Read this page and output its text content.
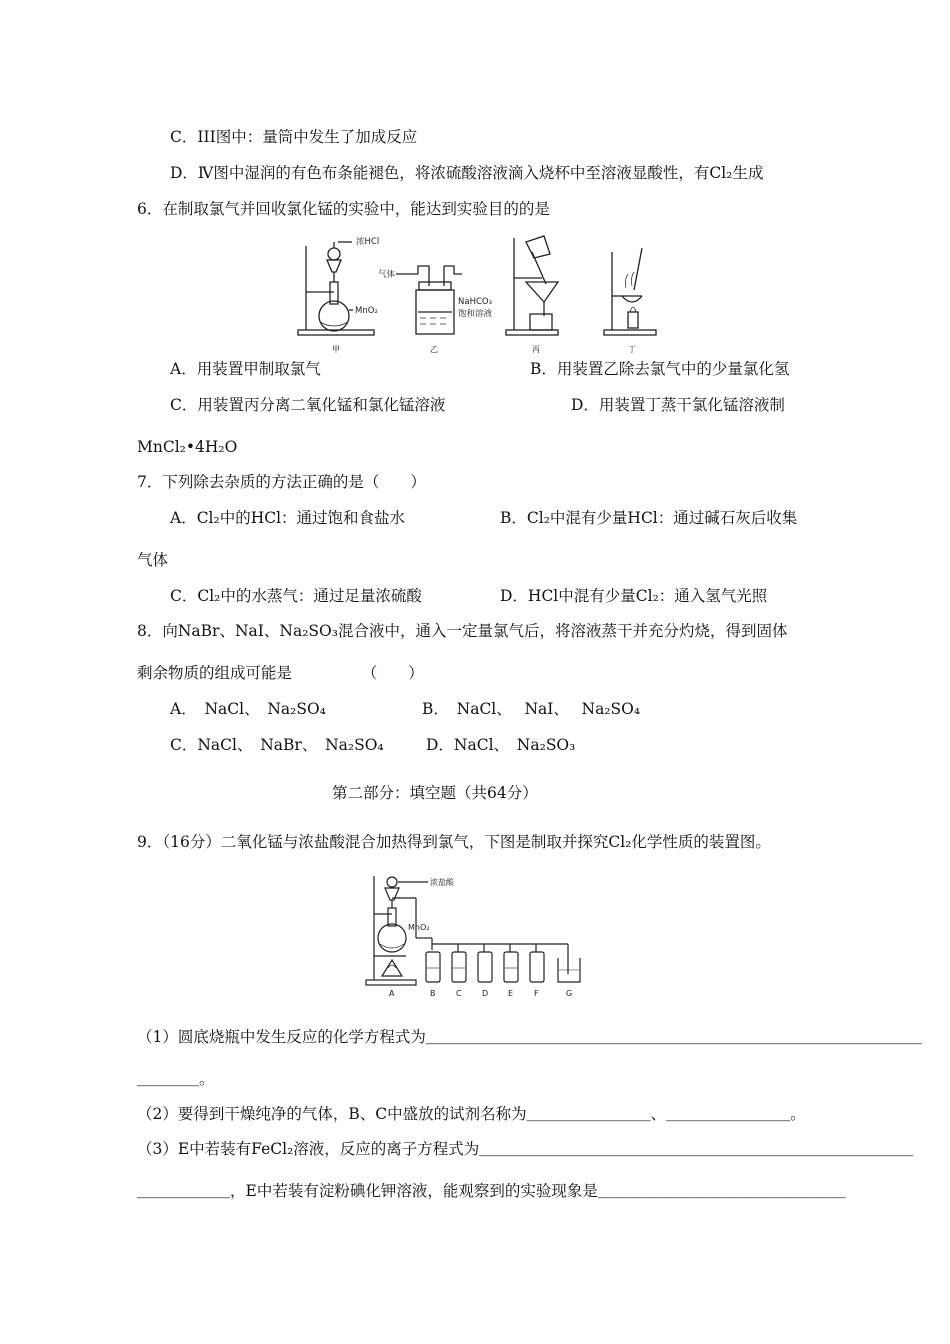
C．III图中：量筒中发生了加成反应
D．Ⅳ图中湿润的有色布条能褪色，将浓硫酸溶液滴入烧杯中至溶液显酸性，有Cl₂生成
6．在制取氯气并回收氯化锰的实验中，能达到实验目的的是
浓HCl
MnO₂
气体
NaHCO₃
饱和溶液
甲	乙	丙	丁
A．用装置甲制取氯气	B．用装置乙除去氯气中的少量氯化氢
C．用装置丙分离二氧化锰和氯化锰溶液	D．用装置丁蒸干氯化锰溶液制
MnCl₂•4H₂O
7．下列除去杂质的方法正确的是（　　）
A．Cl₂中的HCl：通过饱和食盐水	B．Cl₂中混有少量HCl：通过碱石灰后收集
气体
C．Cl₂中的水蒸气：通过足量浓硫酸	D．HCl中混有少量Cl₂：通入氢气光照
8．向NaBr、NaI、Na₂SO₃混合液中，通入一定量氯气后，将溶液蒸干并充分灼烧，得到固体
剩余物质的组成可能是　　　　　（　　）
A．　NaCl、　Na₂SO₄	B．　NaCl、　 NaI、　 Na₂SO₄
C．NaCl、　NaBr、　Na₂SO₄	D．NaCl、　Na₂SO₃
第二部分：填空题（共64分）
9．（16分）二氧化锰与浓盐酸混合加热得到氯气，下图是制取并探究Cl₂化学性质的装置图。
浓盐酸
MnO₂
A	B	C	D E	F	G
（1）圆底烧瓶中发生反应的化学方程式为＿＿＿＿＿＿＿＿＿＿＿＿＿＿＿＿＿＿＿＿＿＿＿＿＿＿＿＿＿＿＿＿
＿＿＿＿。
（2）要得到干燥纯净的气体，B、C中盛放的试剂名称为＿＿＿＿＿＿＿＿、＿＿＿＿＿＿＿＿。
（3）E中若装有FeCl₂溶液，反应的离子方程式为＿＿＿＿＿＿＿＿＿＿＿＿＿＿＿＿＿＿＿＿＿＿＿＿＿＿＿＿
＿＿＿＿＿＿，E中若装有淀粉碘化钾溶液，能观察到的实验现象是＿＿＿＿＿＿＿＿＿＿＿＿＿＿＿＿
